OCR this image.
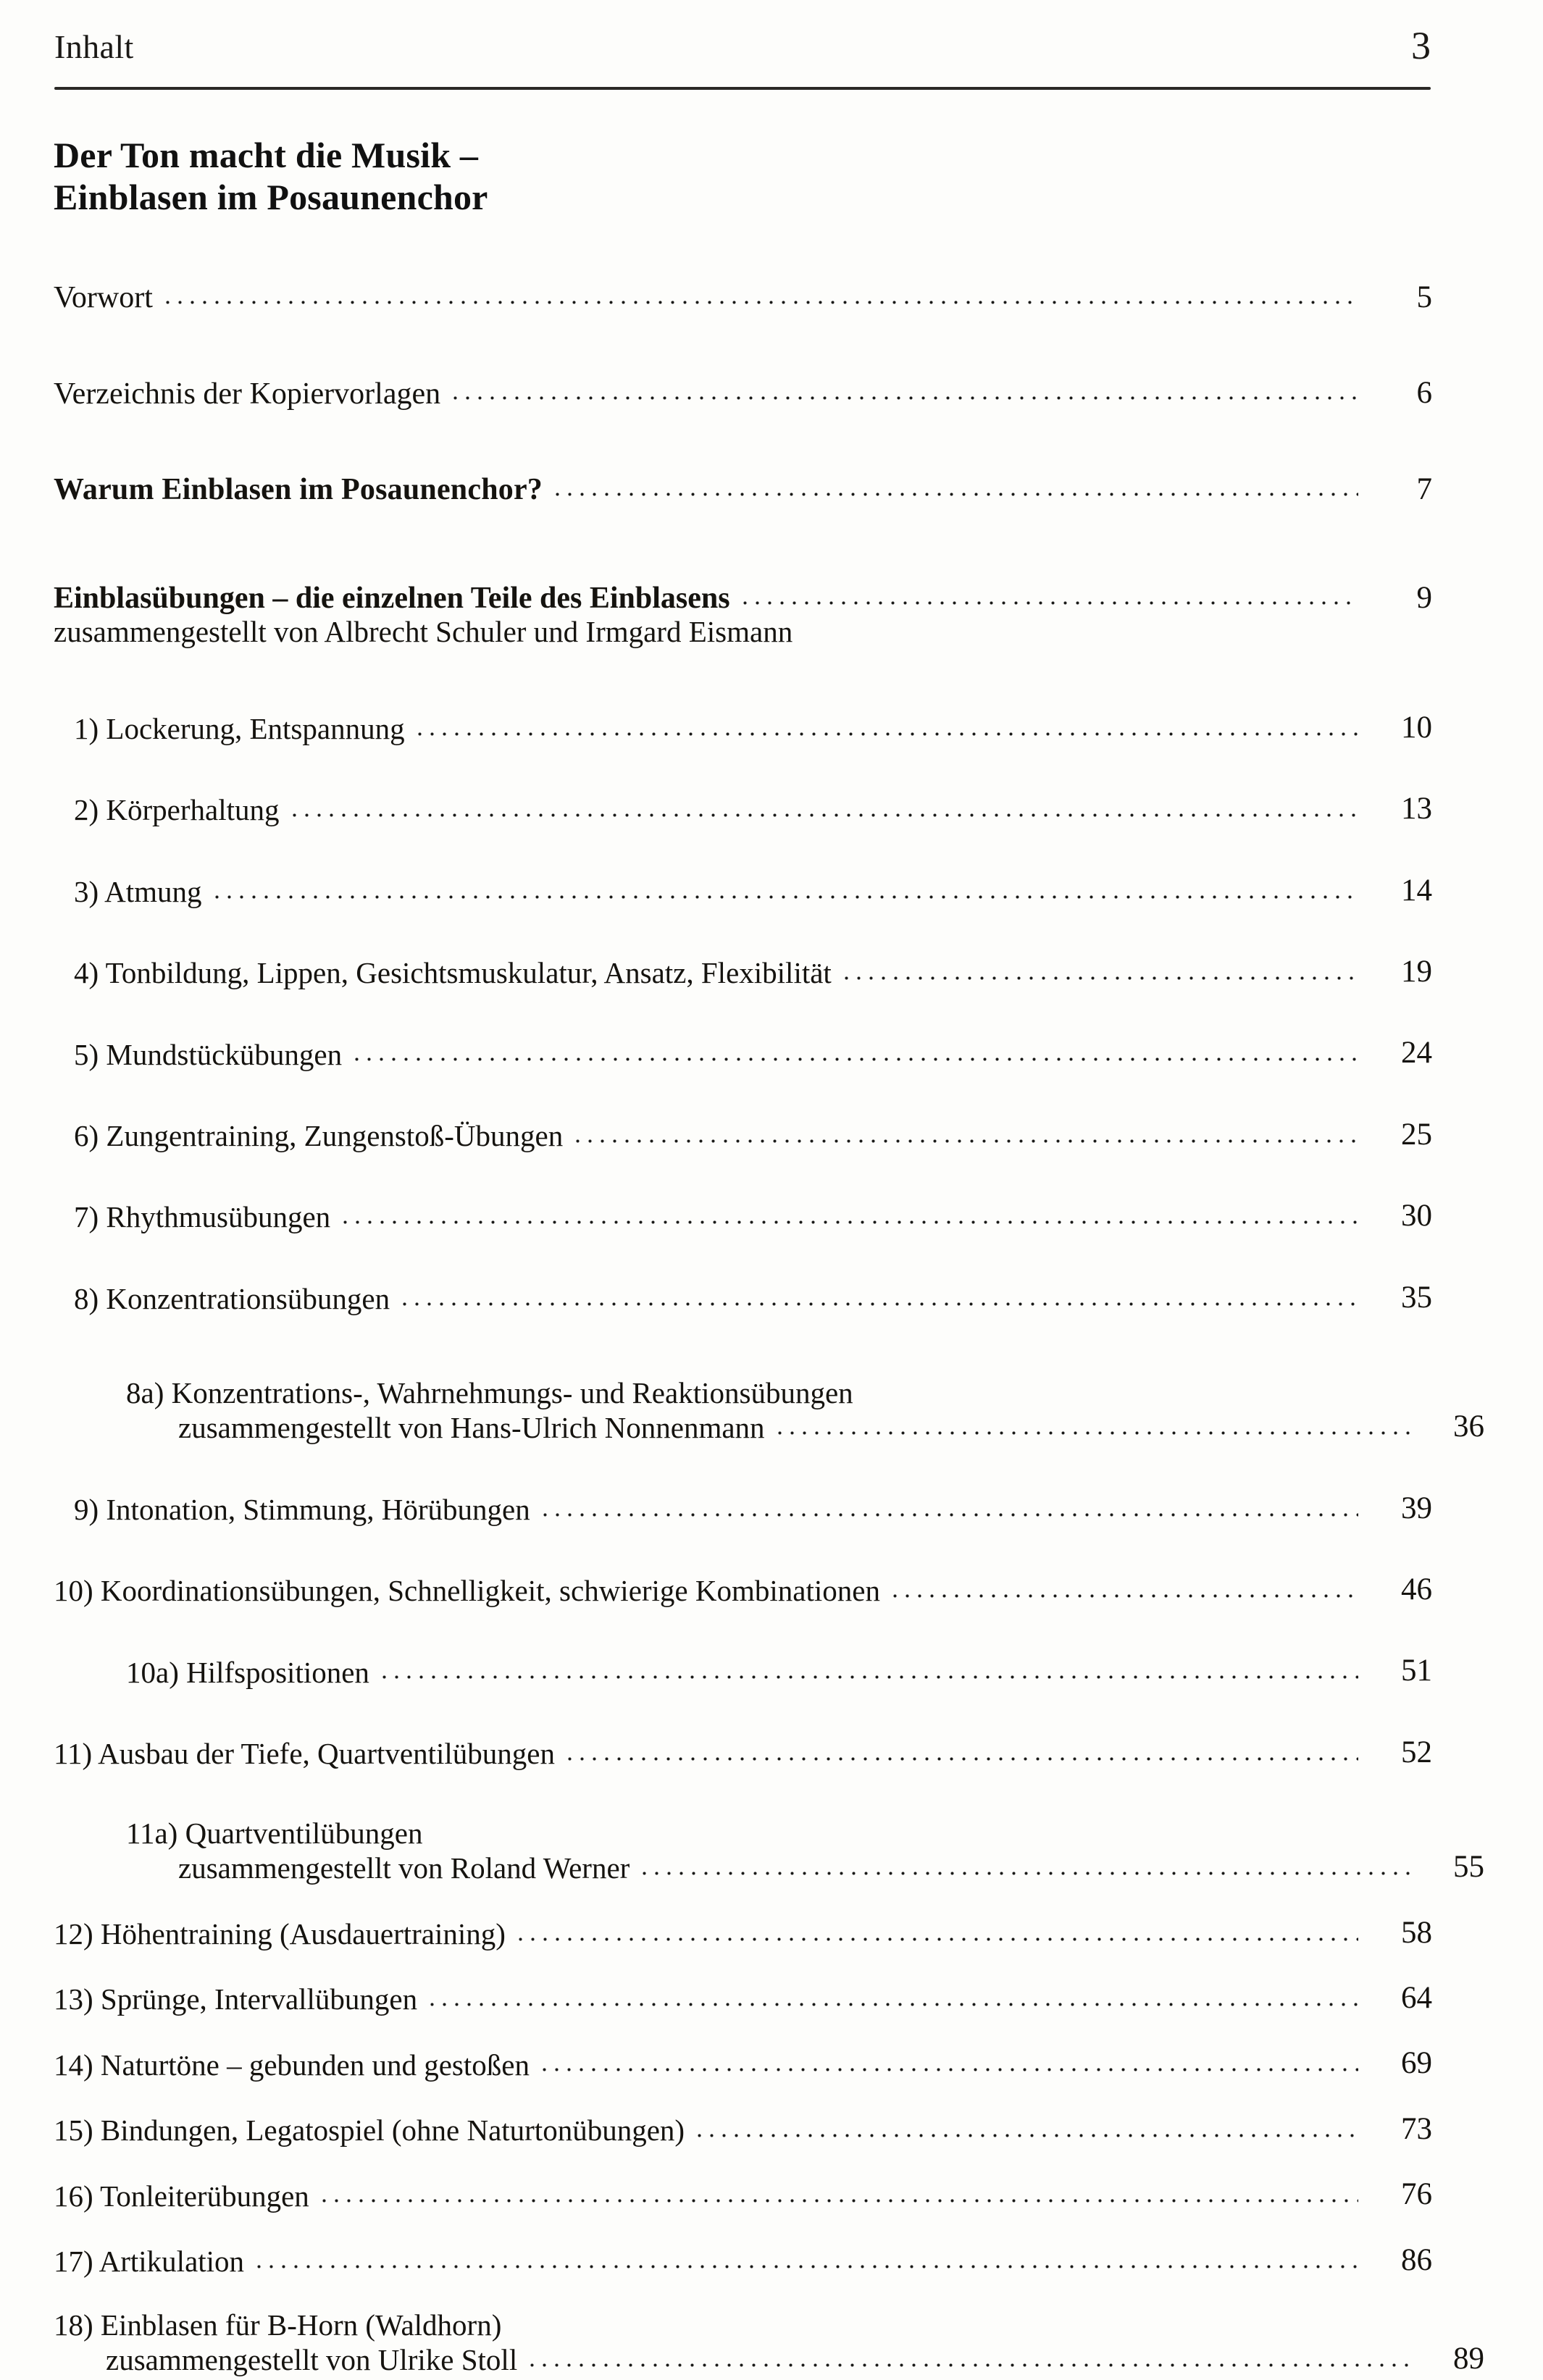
Inhalt	3
Der Ton macht die Musik –
Einblasen im Posaunenchor
Vorwort	5
Verzeichnis der Kopiervorlagen	6
Warum Einblasen im Posaunenchor?	7
Einblasübungen – die einzelnen Teile des Einblasens	9
zusammengestellt von Albrecht Schuler und Irmgard Eismann
1) Lockerung, Entspannung	10
2) Körperhaltung	13
3) Atmung	14
4) Tonbildung, Lippen, Gesichtsmuskulatur, Ansatz, Flexibilität	19
5) Mundstückübungen	24
6) Zungentraining, Zungenstoß-Übungen	25
7) Rhythmusübungen	30
8) Konzentrationsübungen	35
8a) Konzentrations-, Wahrnehmungs- und Reaktionsübungen
zusammengestellt von Hans-Ulrich Nonnenmann	36
9) Intonation, Stimmung, Hörübungen	39
10) Koordinationsübungen, Schnelligkeit, schwierige Kombinationen	46
10a) Hilfspositionen	51
11) Ausbau der Tiefe, Quartventilübungen	52
11a) Quartventilübungen
zusammengestellt von Roland Werner	55
12) Höhentraining (Ausdauertraining)	58
13) Sprünge, Intervallübungen	64
14) Naturtöne – gebunden und gestoßen	69
15) Bindungen, Legatospiel (ohne Naturtonübungen)	73
16) Tonleiterübungen	76
17) Artikulation	86
18) Einblasen für B-Horn (Waldhorn)
zusammengestellt von Ulrike Stoll	89
